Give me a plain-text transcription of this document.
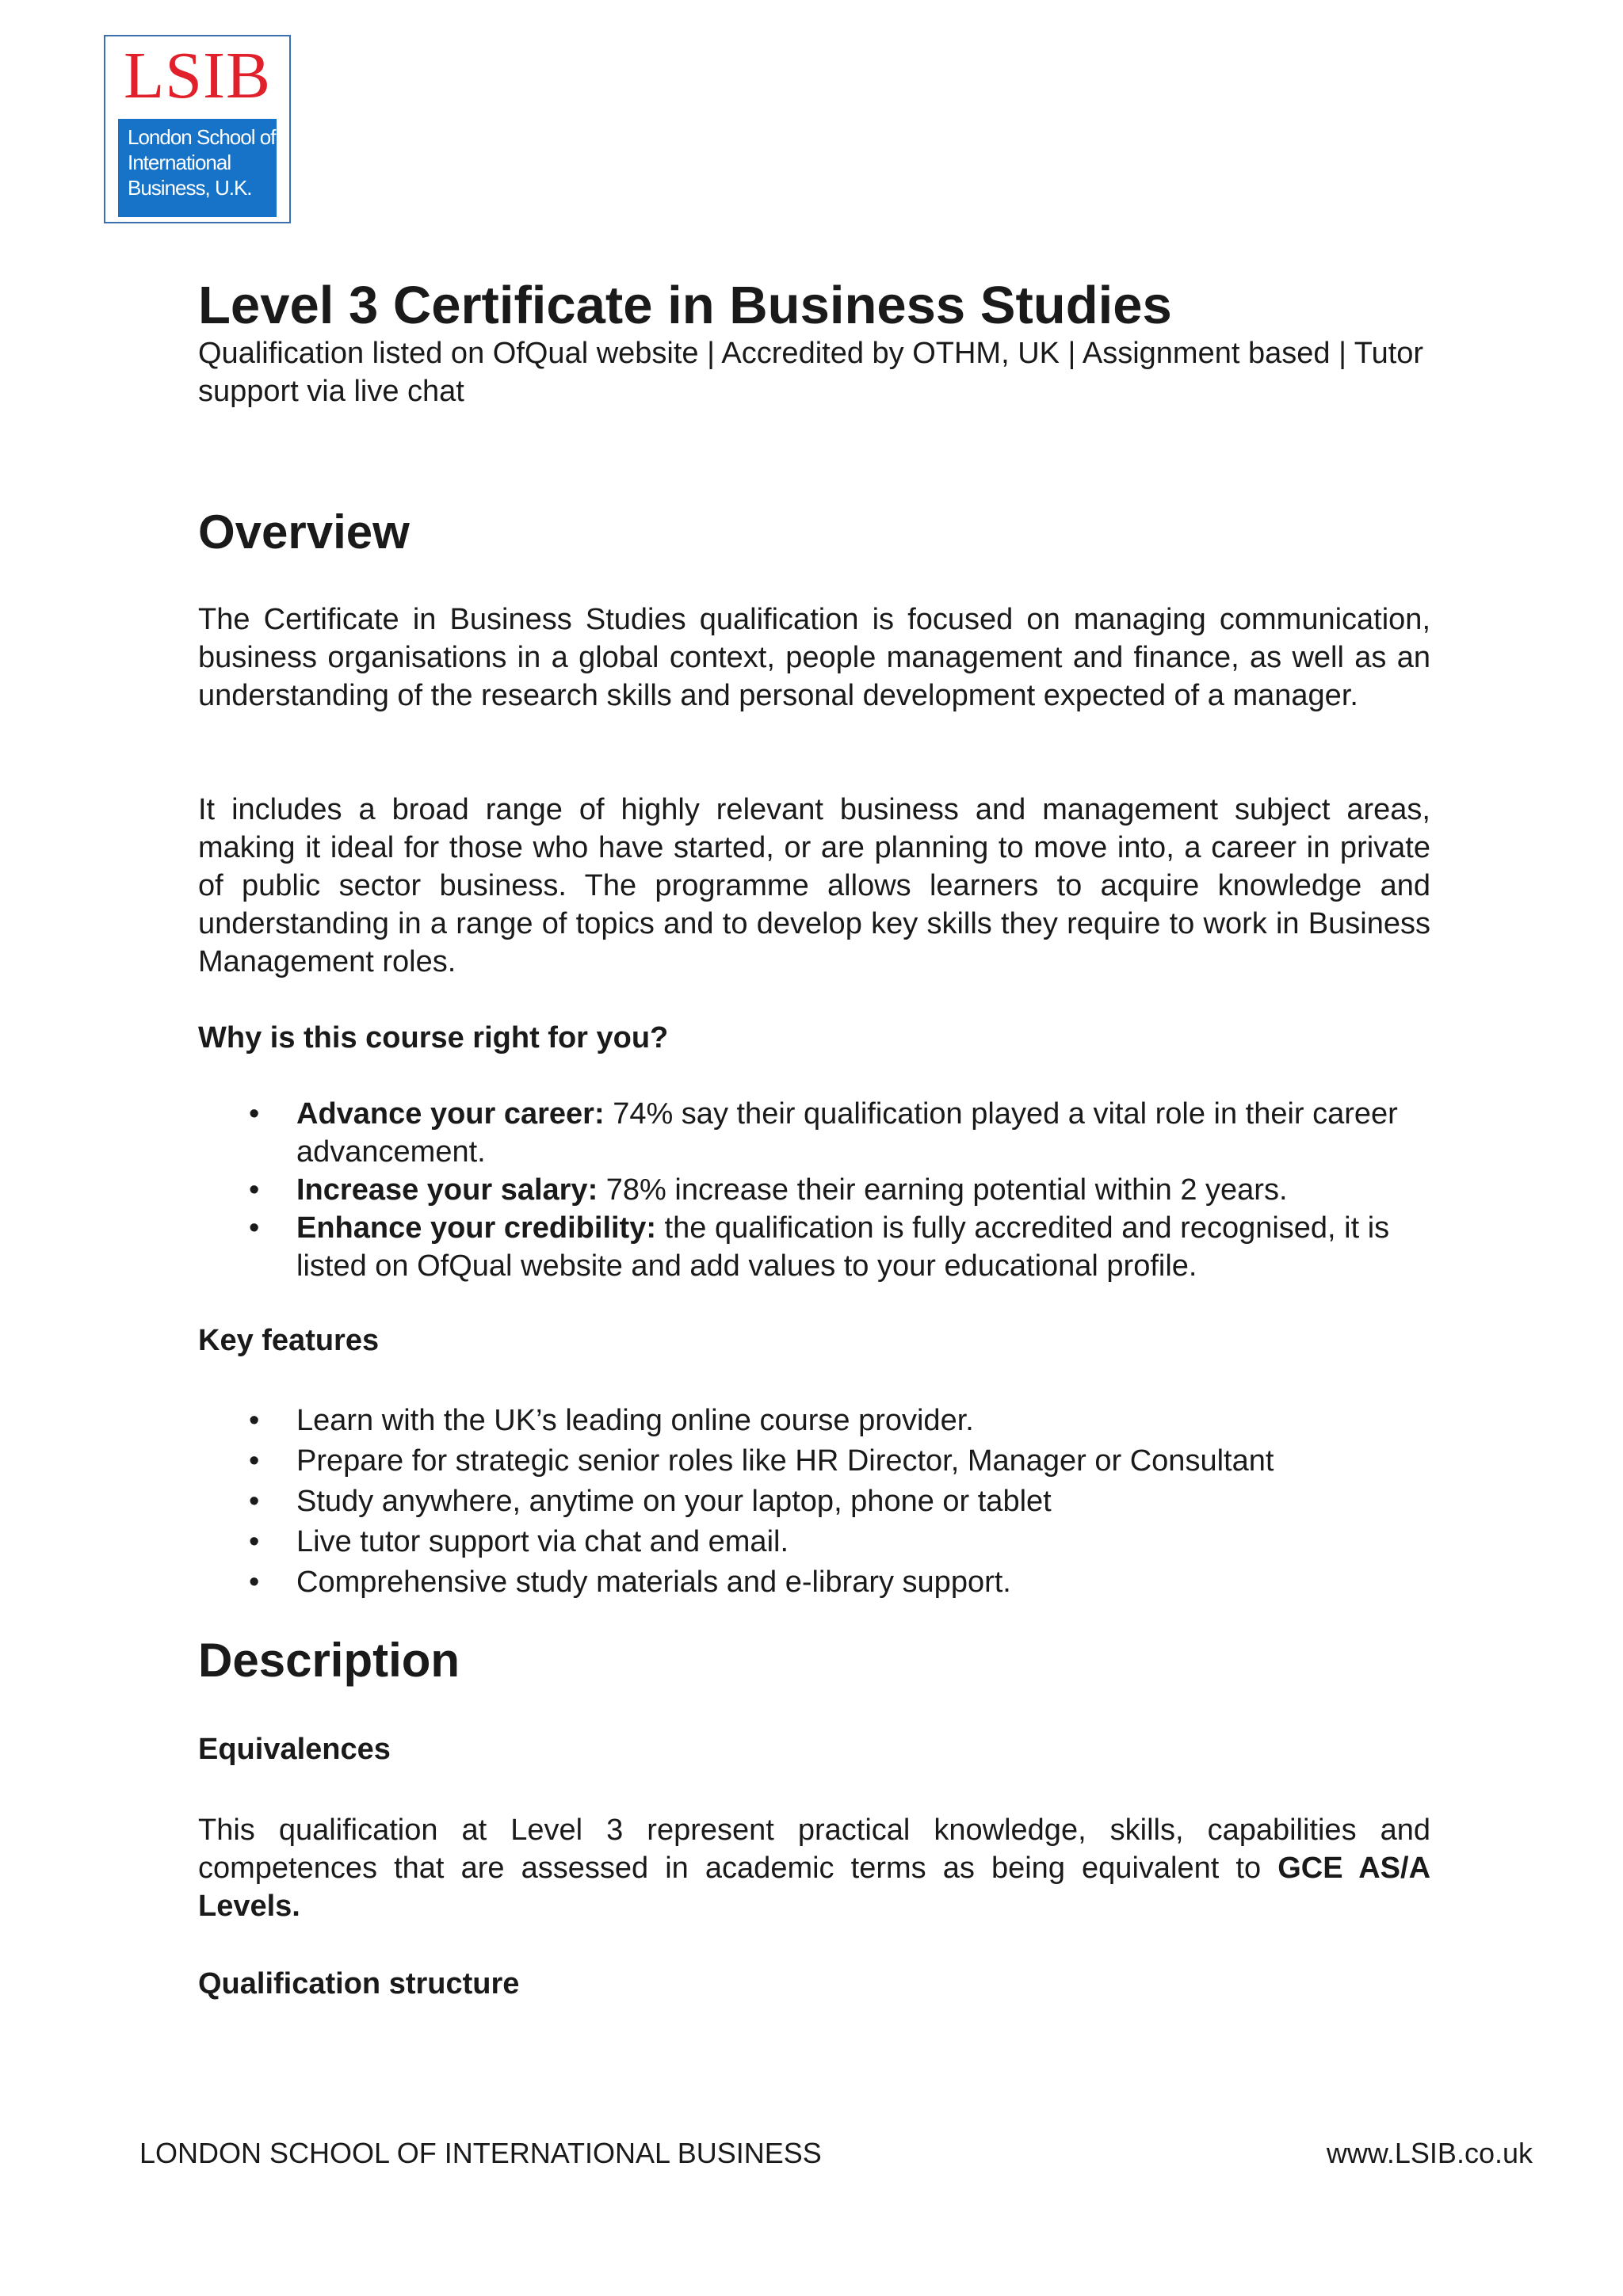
LSIB
London School of
International
Business, U.K.
Level 3 Certificate in Business Studies

Qualification listed on OfQual website | Accredited by OTHM, UK | Assignment based | Tutor support via live chat

Overview

The Certificate in Business Studies qualification is focused on managing communication, business organisations in a global context, people management and finance, as well as an understanding of the research skills and personal development expected of a manager.

It includes a broad range of highly relevant business and management subject areas, making it ideal for those who have started, or are planning to move into, a career in private of public sector business. The programme allows learners to acquire knowledge and understanding in a range of topics and to develop key skills they require to work in Business Management roles.

Why is this course right for you?
• Advance your career: 74% say their qualification played a vital role in their career advancement.
• Increase your salary: 78% increase their earning potential within 2 years.
• Enhance your credibility: the qualification is fully accredited and recognised, it is listed on OfQual website and add values to your educational profile.
Key features
• Learn with the UK’s leading online course provider.
• Prepare for strategic senior roles like HR Director, Manager or Consultant
• Study anywhere, anytime on your laptop, phone or tablet
• Live tutor support via chat and email.
• Comprehensive study materials and e-library support.
Description
Equivalences

This qualification at Level 3 represent practical knowledge, skills, capabilities and competences that are assessed in academic terms as being equivalent to GCE AS/A Levels.

Qualification structure
LONDON SCHOOL OF INTERNATIONAL BUSINESS	www.LSIB.co.uk
